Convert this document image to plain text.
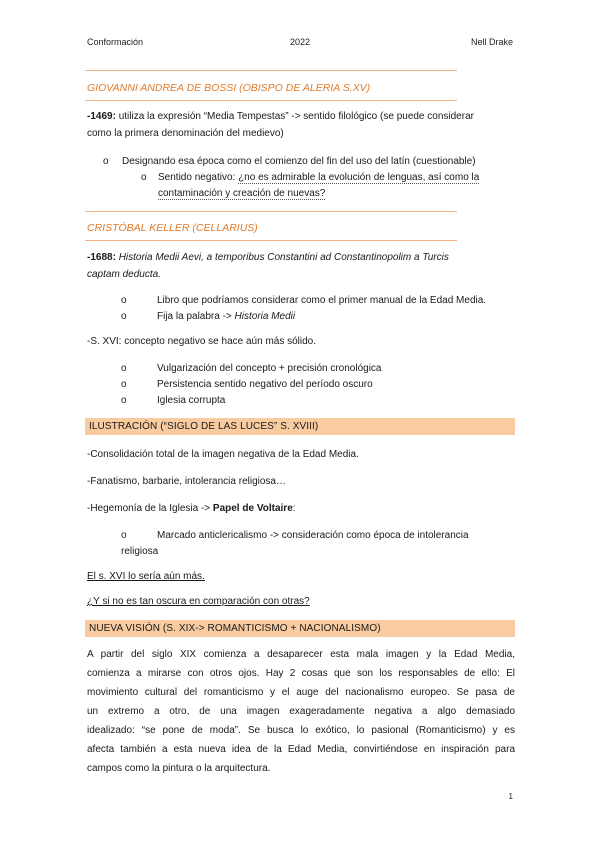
Conformación	2022	Nell Drake
GIOVANNI ANDREA DE BOSSI (OBISPO DE ALERIA S.XV)
-1469: utiliza la expresión “Media Tempestas” -> sentido filológico (se puede considerar
como la primera denominación del medievo)
o Designando esa época como el comienzo del fin del uso del latín (cuestionable)
o Sentido negativo: ¿no es admirable la evolución de lenguas, así como la
contaminación y creación de nuevas?
CRISTÓBAL KELLER (CELLARIUS)
-1688: Historia Medii Aevi, a temporibus Constantini ad Constantinopolim a Turcis
captam deducta.
o	Libro que podríamos considerar como el primer manual de la Edad Media.
o	Fija la palabra -> Historia Medii
-S. XVI: concepto negativo se hace aún más sólido.
o	Vulgarización del concepto + precisión cronológica
o	Persistencia sentido negativo del período oscuro
o	Iglesia corrupta
ILUSTRACIÓN (“SIGLO DE LAS LUCES” S. XVIII)
-Consolidación total de la imagen negativa de la Edad Media.
-Fanatismo, barbarie, intolerancia religiosa…
-Hegemonía de la Iglesia -> Papel de Voltaire:
o	Marcado anticlericalismo -> consideración como época de intolerancia
religiosa
El s. XVI lo sería aún más.
¿Y si no es tan oscura en comparación con otras?
NUEVA VISIÓN (S. XIX-> ROMANTICISMO + NACIONALISMO)
A partir del siglo XIX comienza a desaparecer esta mala imagen y la Edad Media,
comienza a mirarse con otros ojos. Hay 2 cosas que son los responsables de ello: El
movimiento cultural del romanticismo y el auge del nacionalismo europeo. Se pasa de
un extremo a otro, de una imagen exageradamente negativa a algo demasiado
idealizado: “se pone de moda”. Se busca lo exótico, lo pasional (Romanticismo) y es
afecta también a esta nueva idea de la Edad Media, convirtiéndose en inspiración para
campos como la pintura o la arquitectura.
1
